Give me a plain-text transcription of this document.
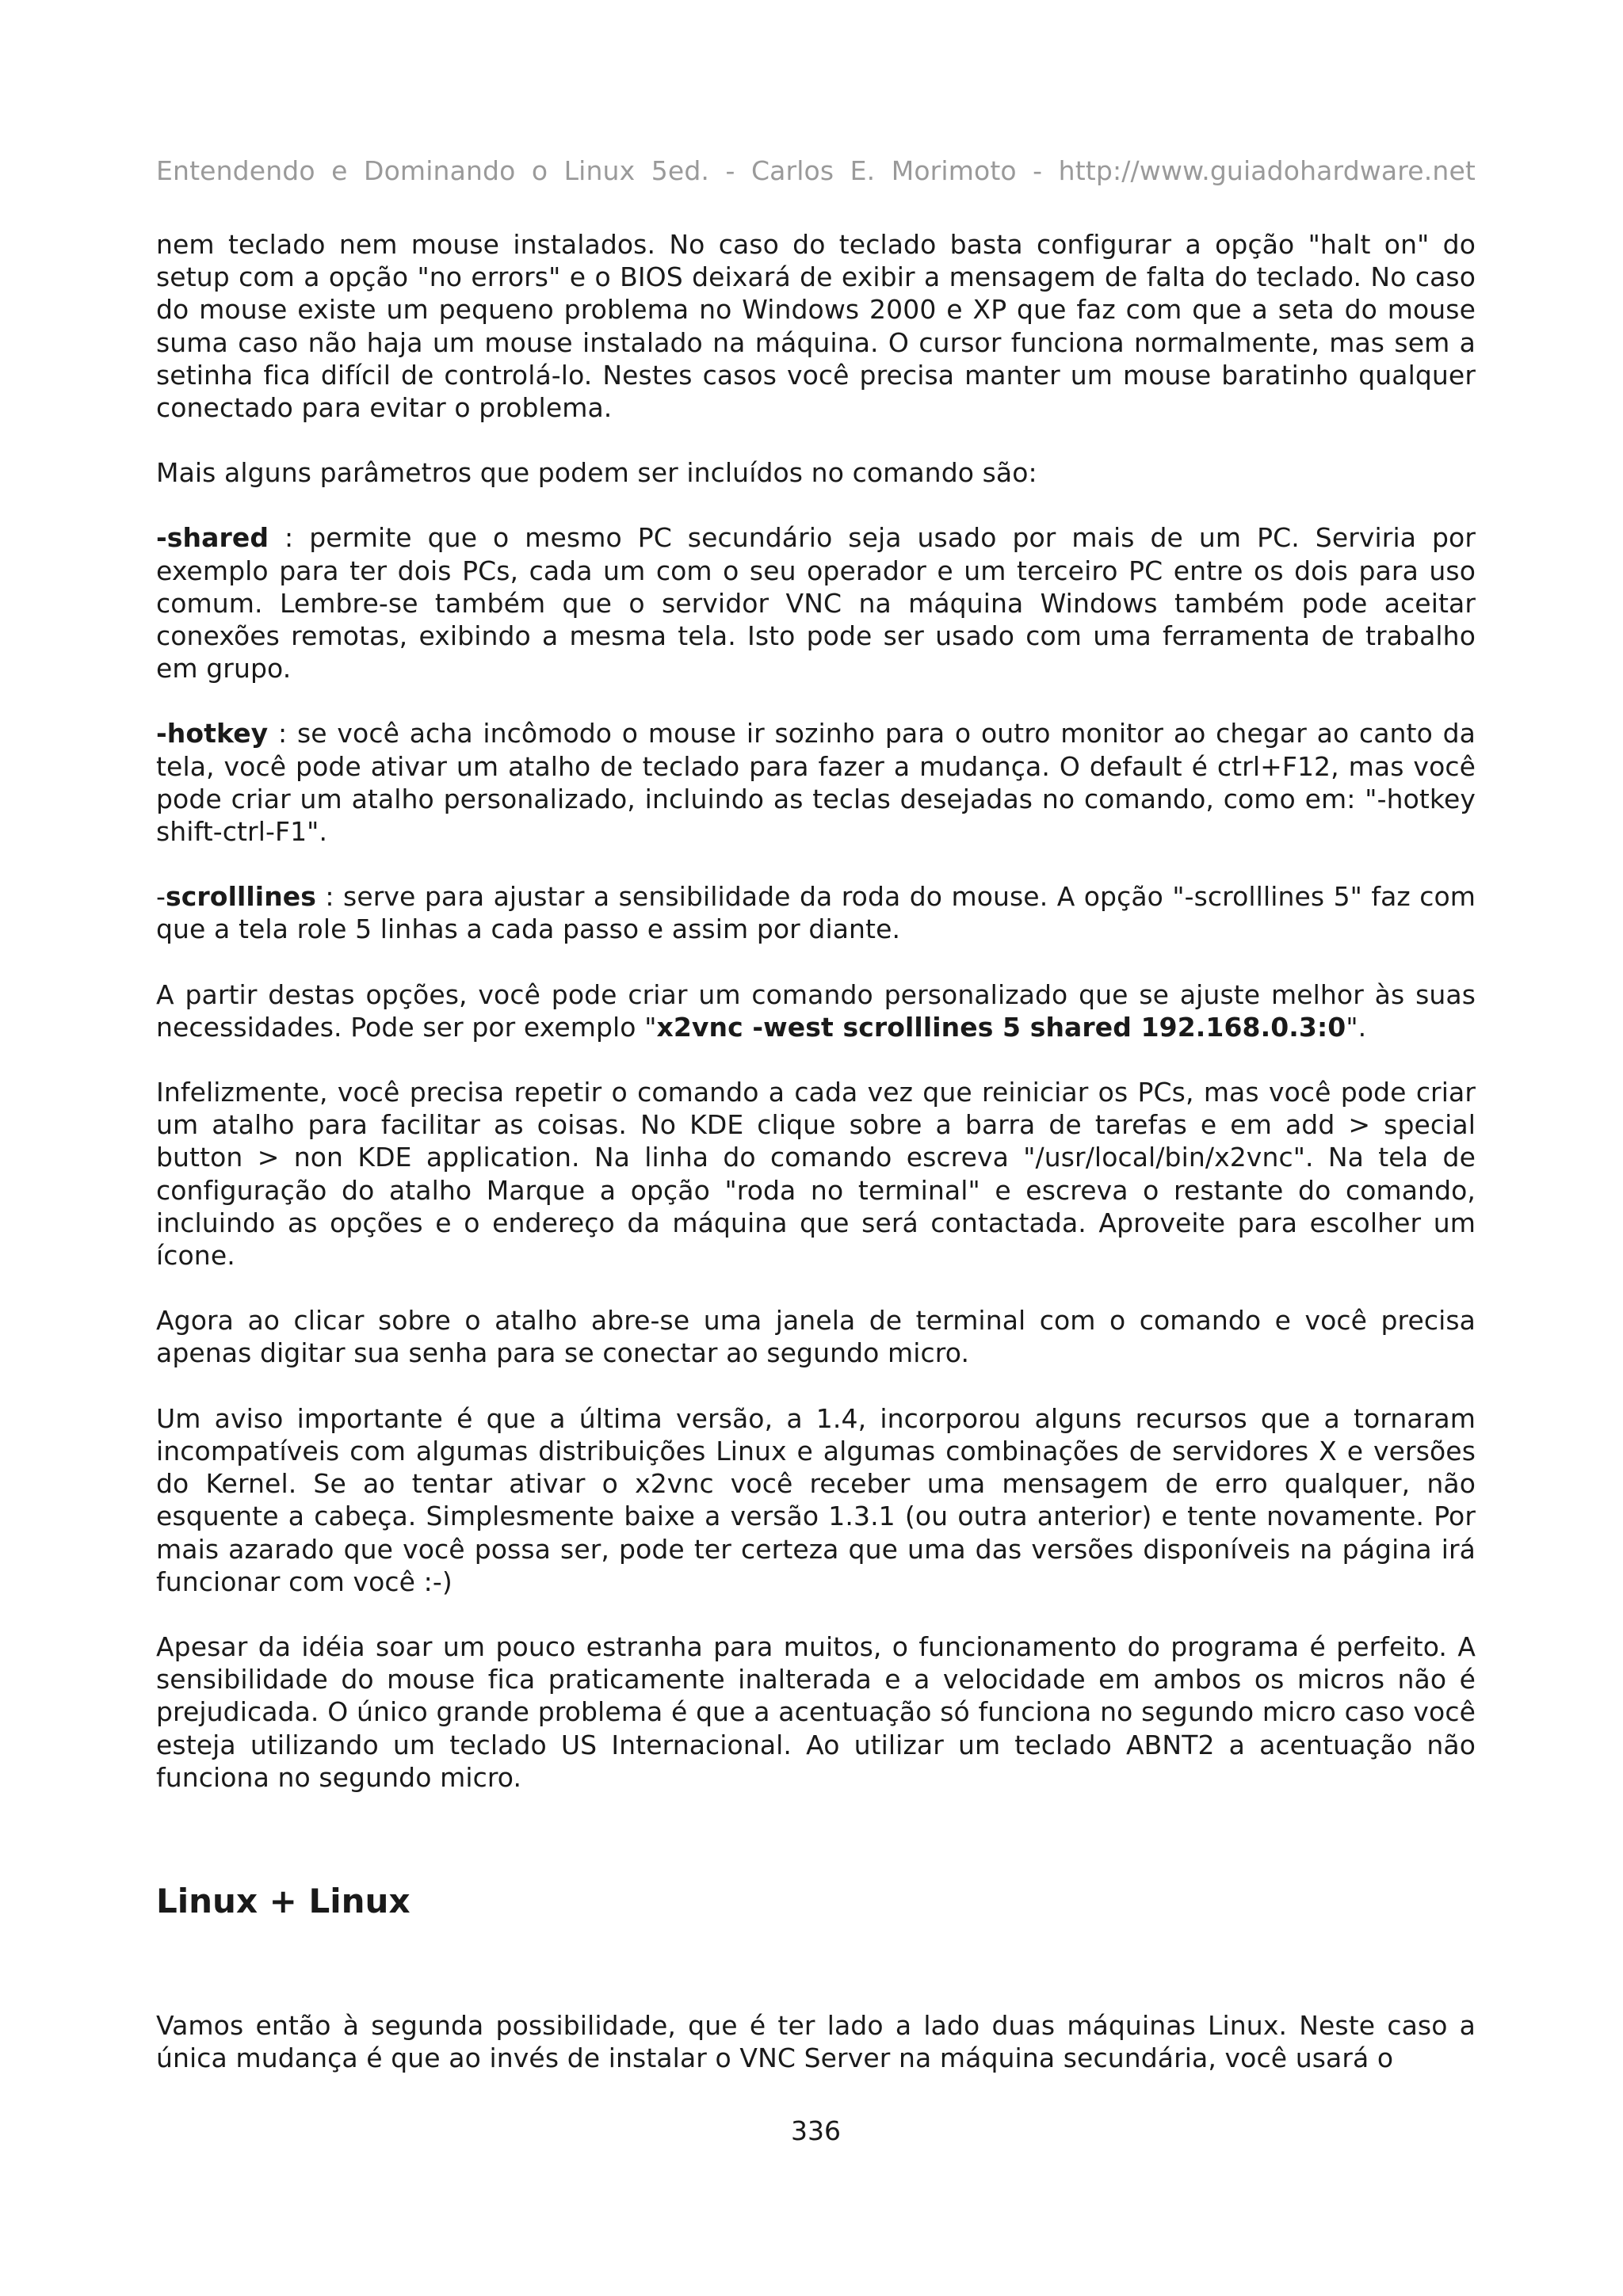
Entendendo e Dominando o Linux 5ed. - Carlos E. Morimoto - http://www.guiadohardware.net

nem teclado nem mouse instalados. No caso do teclado basta configurar a opção "halt on" do setup com a opção "no errors" e o BIOS deixará de exibir a mensagem de falta do teclado. No caso do mouse existe um pequeno problema no Windows 2000 e XP que faz com que a seta do mouse suma caso não haja um mouse instalado na máquina. O cursor funciona normalmente, mas sem a setinha fica difícil de controlá-lo. Nestes casos você precisa manter um mouse baratinho qualquer conectado para evitar o problema.

Mais alguns parâmetros que podem ser incluídos no comando são:

-shared : permite que o mesmo PC secundário seja usado por mais de um PC. Serviria por exemplo para ter dois PCs, cada um com o seu operador e um terceiro PC entre os dois para uso comum. Lembre-se também que o servidor VNC na máquina Windows também pode aceitar conexões remotas, exibindo a mesma tela. Isto pode ser usado com uma ferramenta de trabalho em grupo.

-hotkey : se você acha incômodo o mouse ir sozinho para o outro monitor ao chegar ao canto da tela, você pode ativar um atalho de teclado para fazer a mudança. O default é ctrl+F12, mas você pode criar um atalho personalizado, incluindo as teclas desejadas no comando, como em: "-hotkey shift-ctrl-F1".

-scrolllines : serve para ajustar a sensibilidade da roda do mouse. A opção "-scrolllines 5" faz com que a tela role 5 linhas a cada passo e assim por diante.

A partir destas opções, você pode criar um comando personalizado que se ajuste melhor às suas necessidades. Pode ser por exemplo "x2vnc -west scrolllines 5 shared 192.168.0.3:0".

Infelizmente, você precisa repetir o comando a cada vez que reiniciar os PCs, mas você pode criar um atalho para facilitar as coisas. No KDE clique sobre a barra de tarefas e em add > special button > non KDE application. Na linha do comando escreva "/usr/local/bin/x2vnc". Na tela de configuração do atalho Marque a opção "roda no terminal" e escreva o restante do comando, incluindo as opções e o endereço da máquina que será contactada. Aproveite para escolher um ícone.

Agora ao clicar sobre o atalho abre-se uma janela de terminal com o comando e você precisa apenas digitar sua senha para se conectar ao segundo micro.

Um aviso importante é que a última versão, a 1.4, incorporou alguns recursos que a tornaram incompatíveis com algumas distribuições Linux e algumas combinações de servidores X e versões do Kernel. Se ao tentar ativar o x2vnc você receber uma mensagem de erro qualquer, não esquente a cabeça. Simplesmente baixe a versão 1.3.1 (ou outra anterior) e tente novamente. Por mais azarado que você possa ser, pode ter certeza que uma das versões disponíveis na página irá funcionar com você :-)

Apesar da idéia soar um pouco estranha para muitos, o funcionamento do programa é perfeito. A sensibilidade do mouse fica praticamente inalterada e a velocidade em ambos os micros não é prejudicada. O único grande problema é que a acentuação só funciona no segundo micro caso você esteja utilizando um teclado US Internacional. Ao utilizar um teclado ABNT2 a acentuação não funciona no segundo micro.

Linux + Linux

Vamos então à segunda possibilidade, que é ter lado a lado duas máquinas Linux. Neste caso a única mudança é que ao invés de instalar o VNC Server na máquina secundária, você usará o

336
